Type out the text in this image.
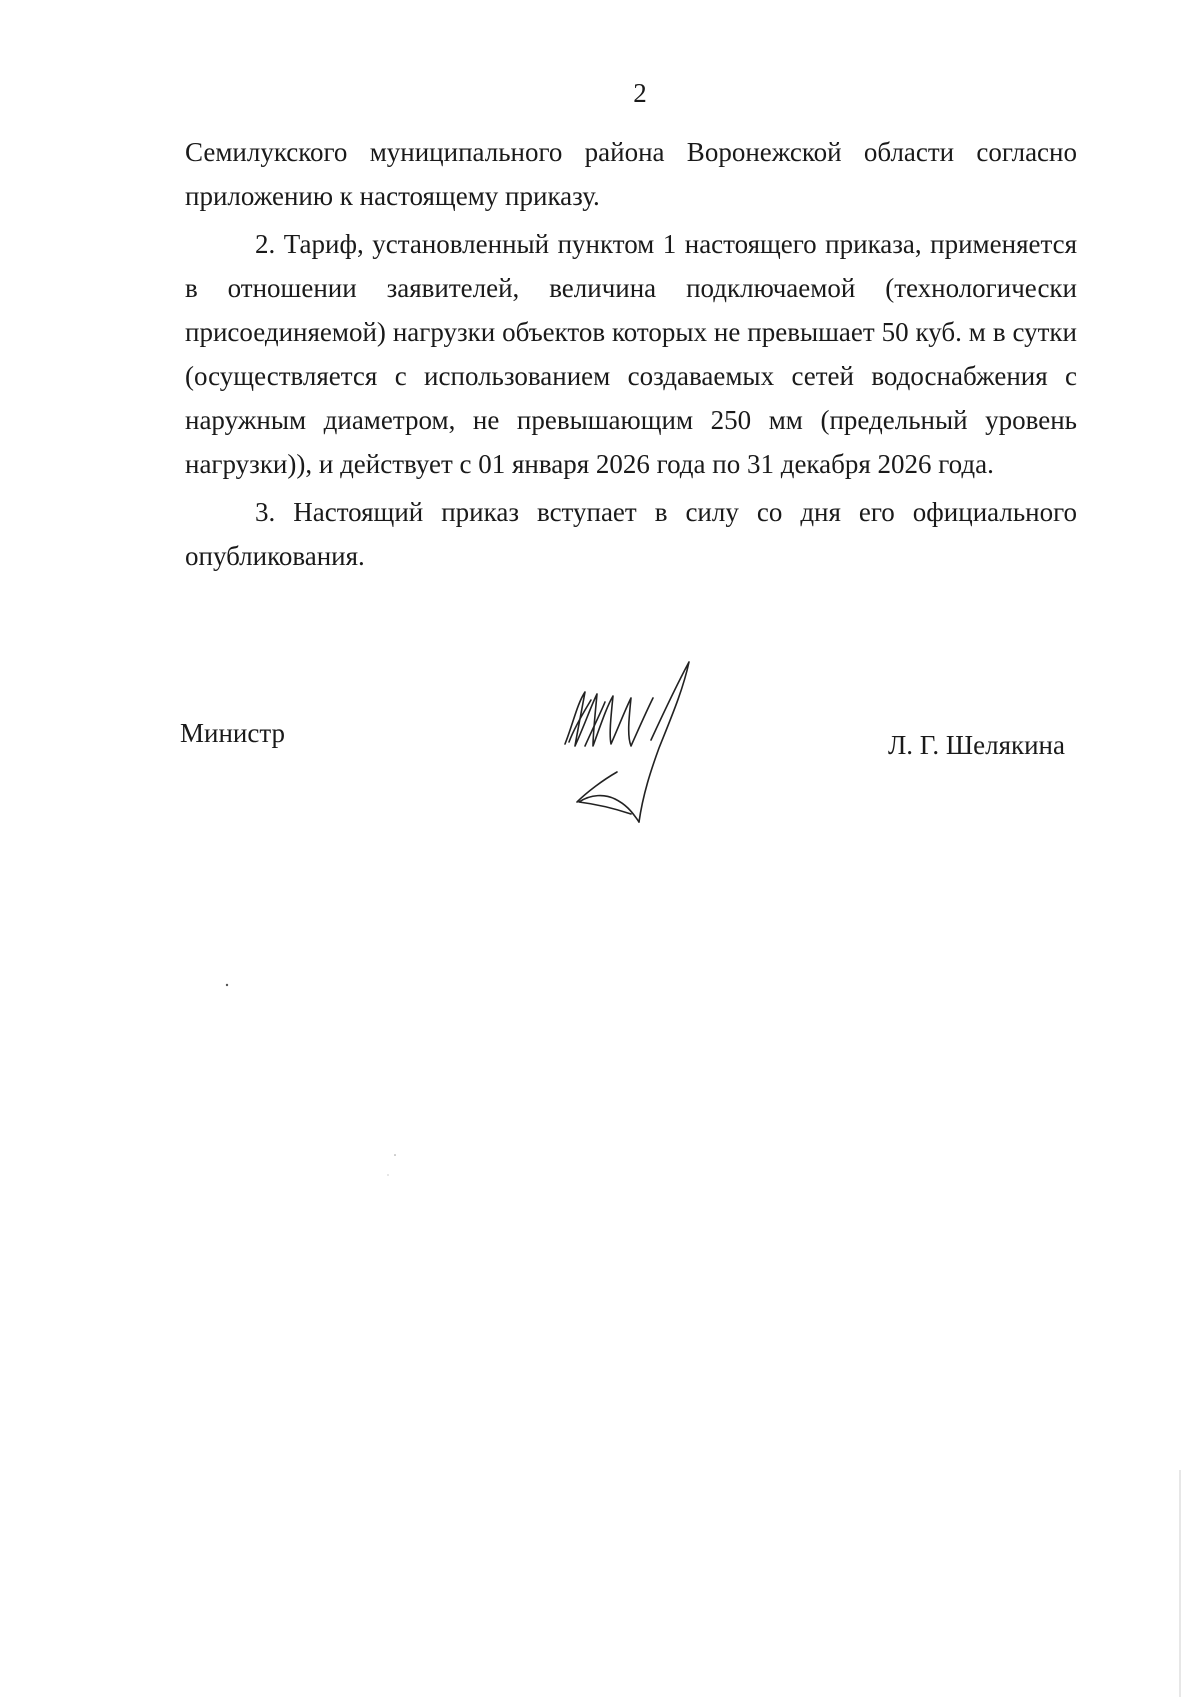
2

Семилукского муниципального района Воронежской области согласно приложению к настоящему приказу.

2. Тариф, установленный пунктом 1 настоящего приказа, применяется в отношении заявителей, величина подключаемой (технологически присоединяемой) нагрузки объектов которых не превышает 50 куб. м в сутки (осуществляется с использованием создаваемых сетей водоснабжения с наружным диаметром, не превышающим 250 мм (предельный уровень нагрузки)), и действует с 01 января 2026 года по 31 декабря 2026 года.

3. Настоящий приказ вступает в силу со дня его официального опубликования.

Министр	Л. Г. Шелякина
